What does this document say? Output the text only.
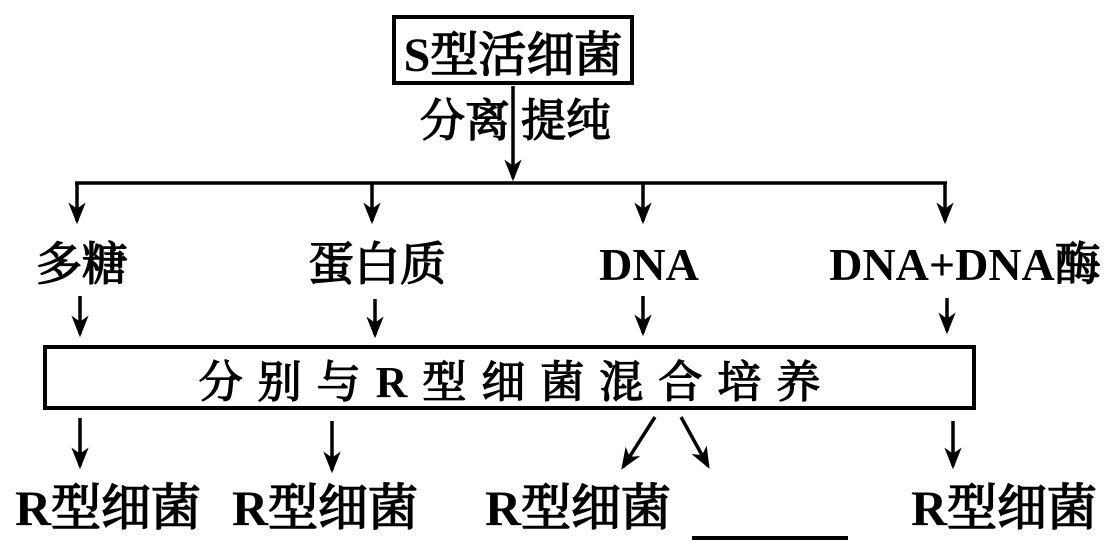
S型活细菌
分离 提纯
多糖	蛋白质	DNA	DNA+DNA酶
分别与R型细菌混合培养
R型细菌 R型细菌 R型细菌	R型细菌
